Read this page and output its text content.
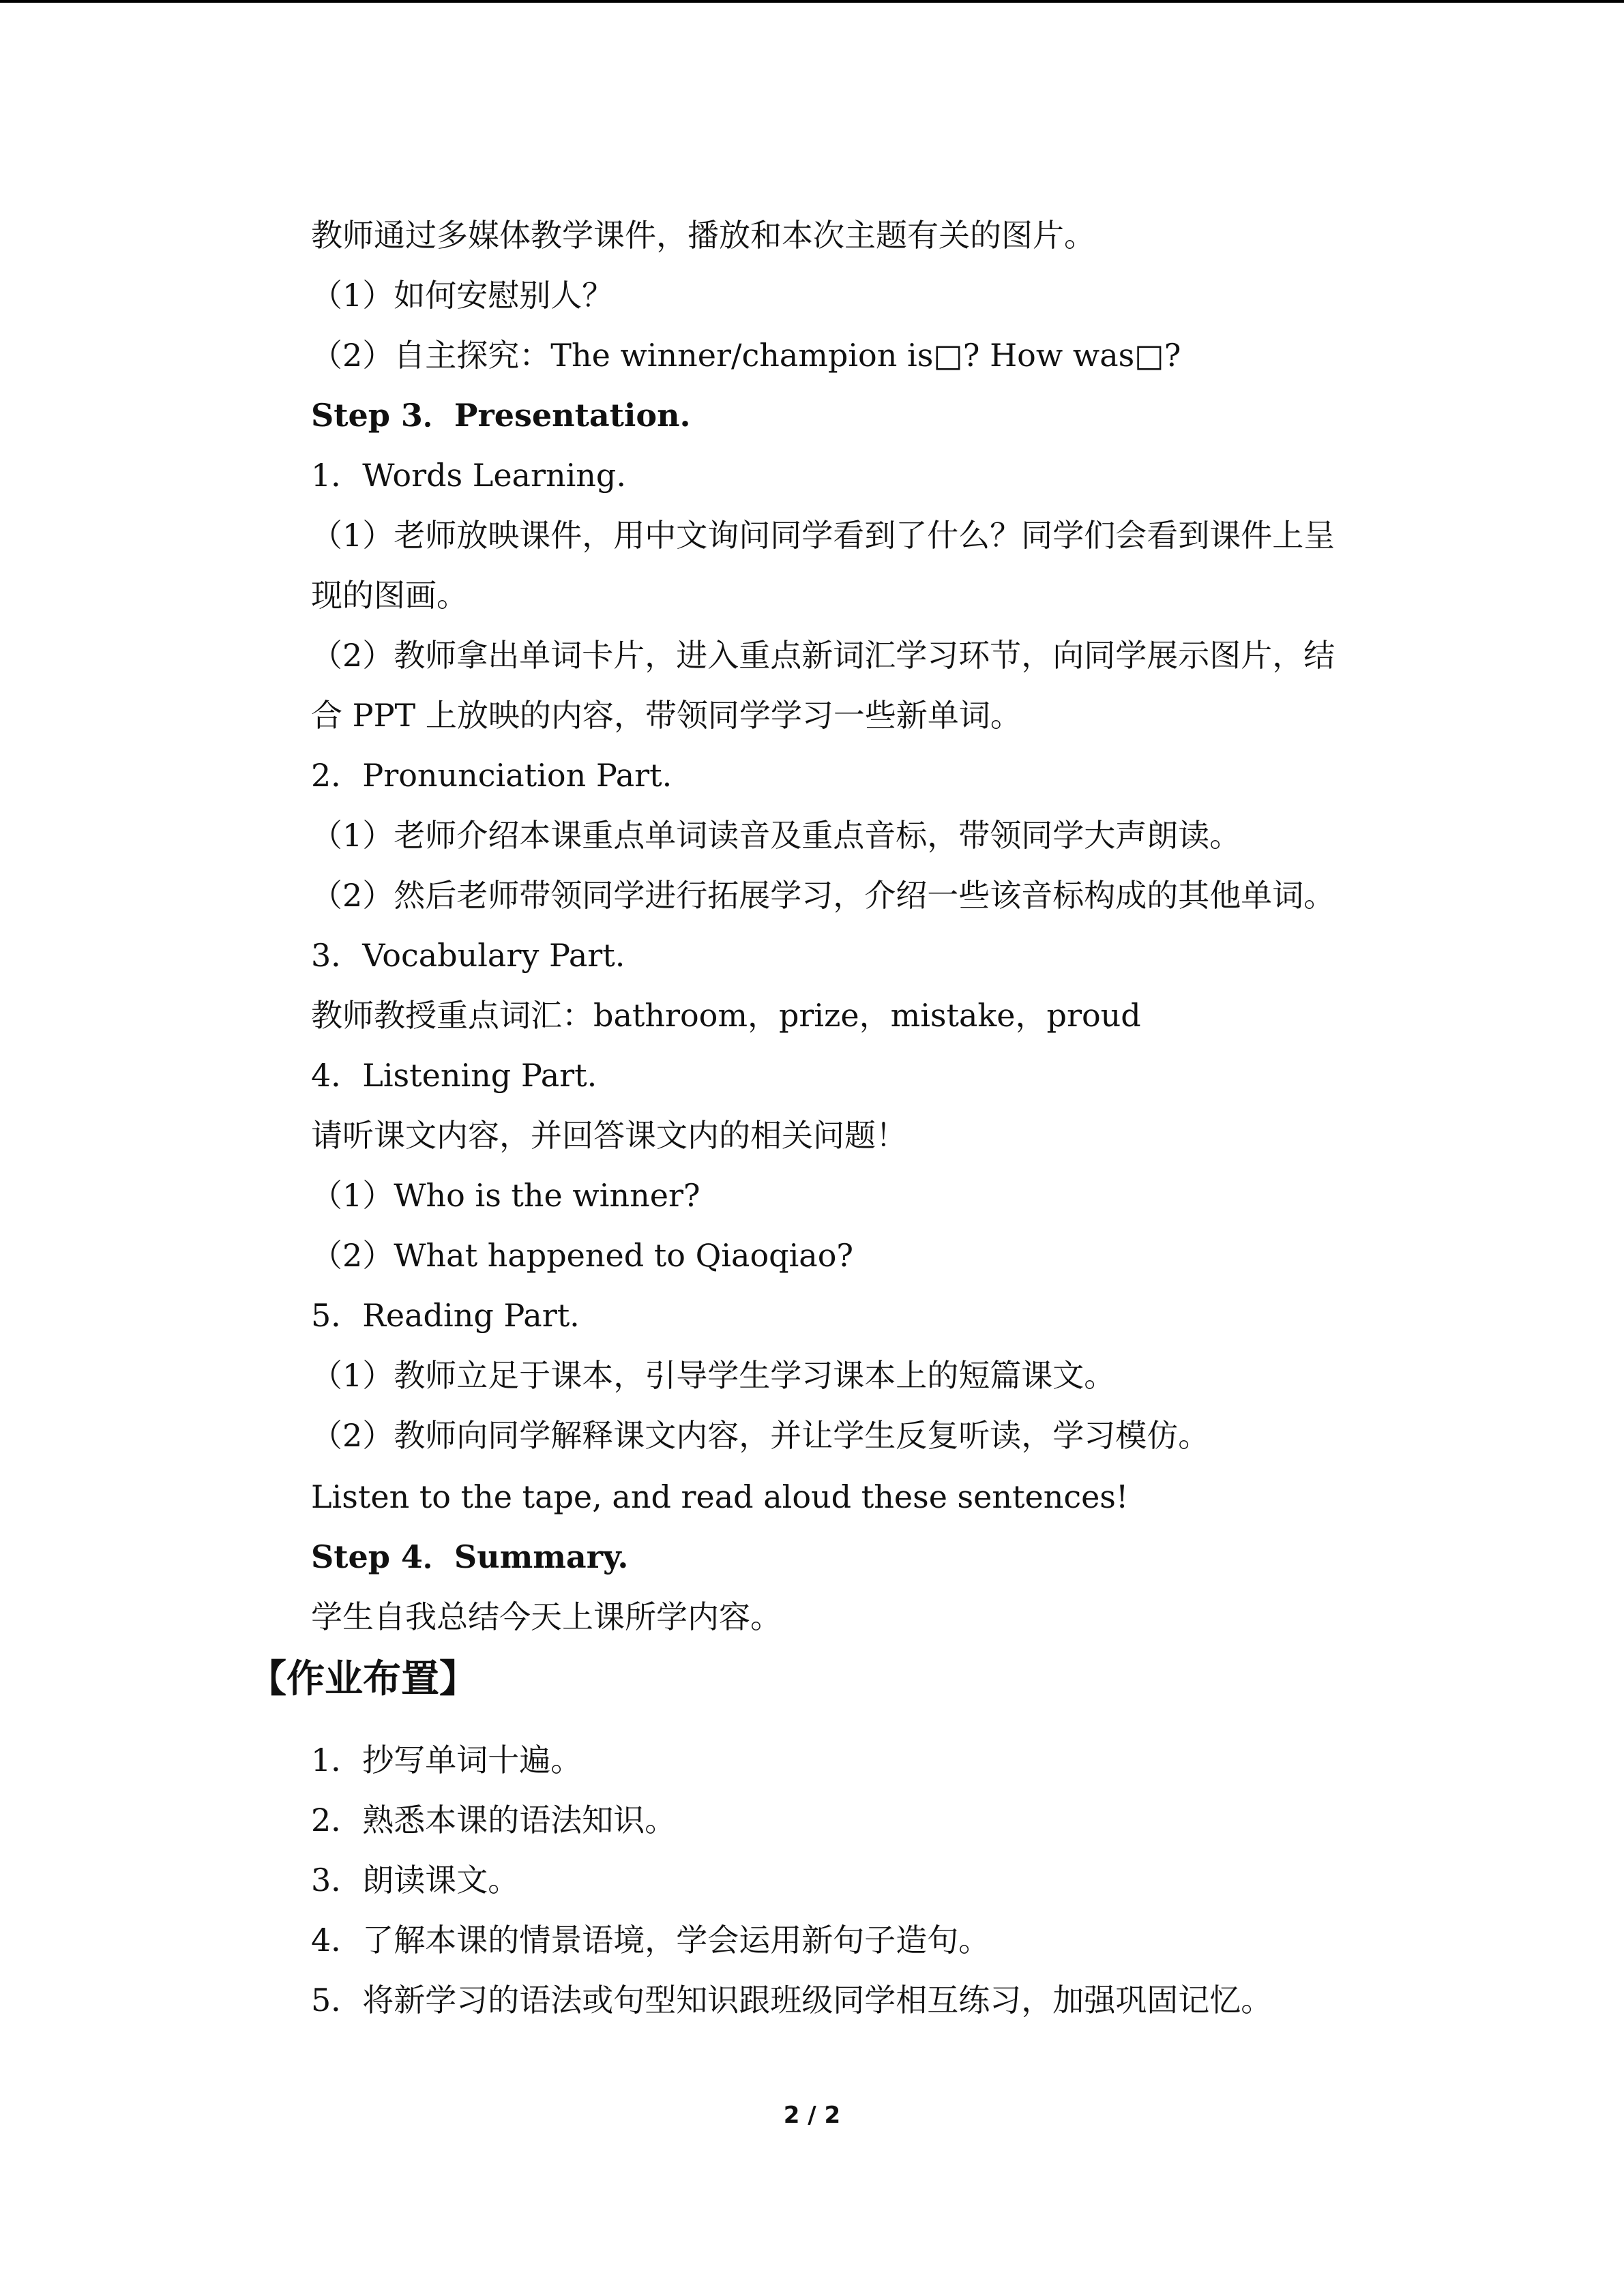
教师通过多媒体教学课件，播放和本次主题有关的图片。
（1）如何安慰别人？
（2）自主探究：The winner/champion is□? How was□?
Step 3．Presentation.
1．Words Learning.
（1）老师放映课件，用中文询问同学看到了什么？同学们会看到课件上呈
现的图画。
（2）教师拿出单词卡片，进入重点新词汇学习环节，向同学展示图片，结
合 PPT 上放映的内容，带领同学学习一些新单词。
2．Pronunciation Part.
（1）老师介绍本课重点单词读音及重点音标，带领同学大声朗读。
（2）然后老师带领同学进行拓展学习，介绍一些该音标构成的其他单词。
3．Vocabulary Part.
教师教授重点词汇：bathroom，prize，mistake，proud
4．Listening Part.
请听课文内容，并回答课文内的相关问题！
（1）Who is the winner?
（2）What happened to Qiaoqiao?
5．Reading Part.
（1）教师立足于课本，引导学生学习课本上的短篇课文。
（2）教师向同学解释课文内容，并让学生反复听读，学习模仿。
Listen to the tape, and read aloud these sentences!
Step 4．Summary.
学生自我总结今天上课所学内容。
【作业布置】
1．抄写单词十遍。
2．熟悉本课的语法知识。
3．朗读课文。
4．了解本课的情景语境，学会运用新句子造句。
5．将新学习的语法或句型知识跟班级同学相互练习，加强巩固记忆。
2 / 2
